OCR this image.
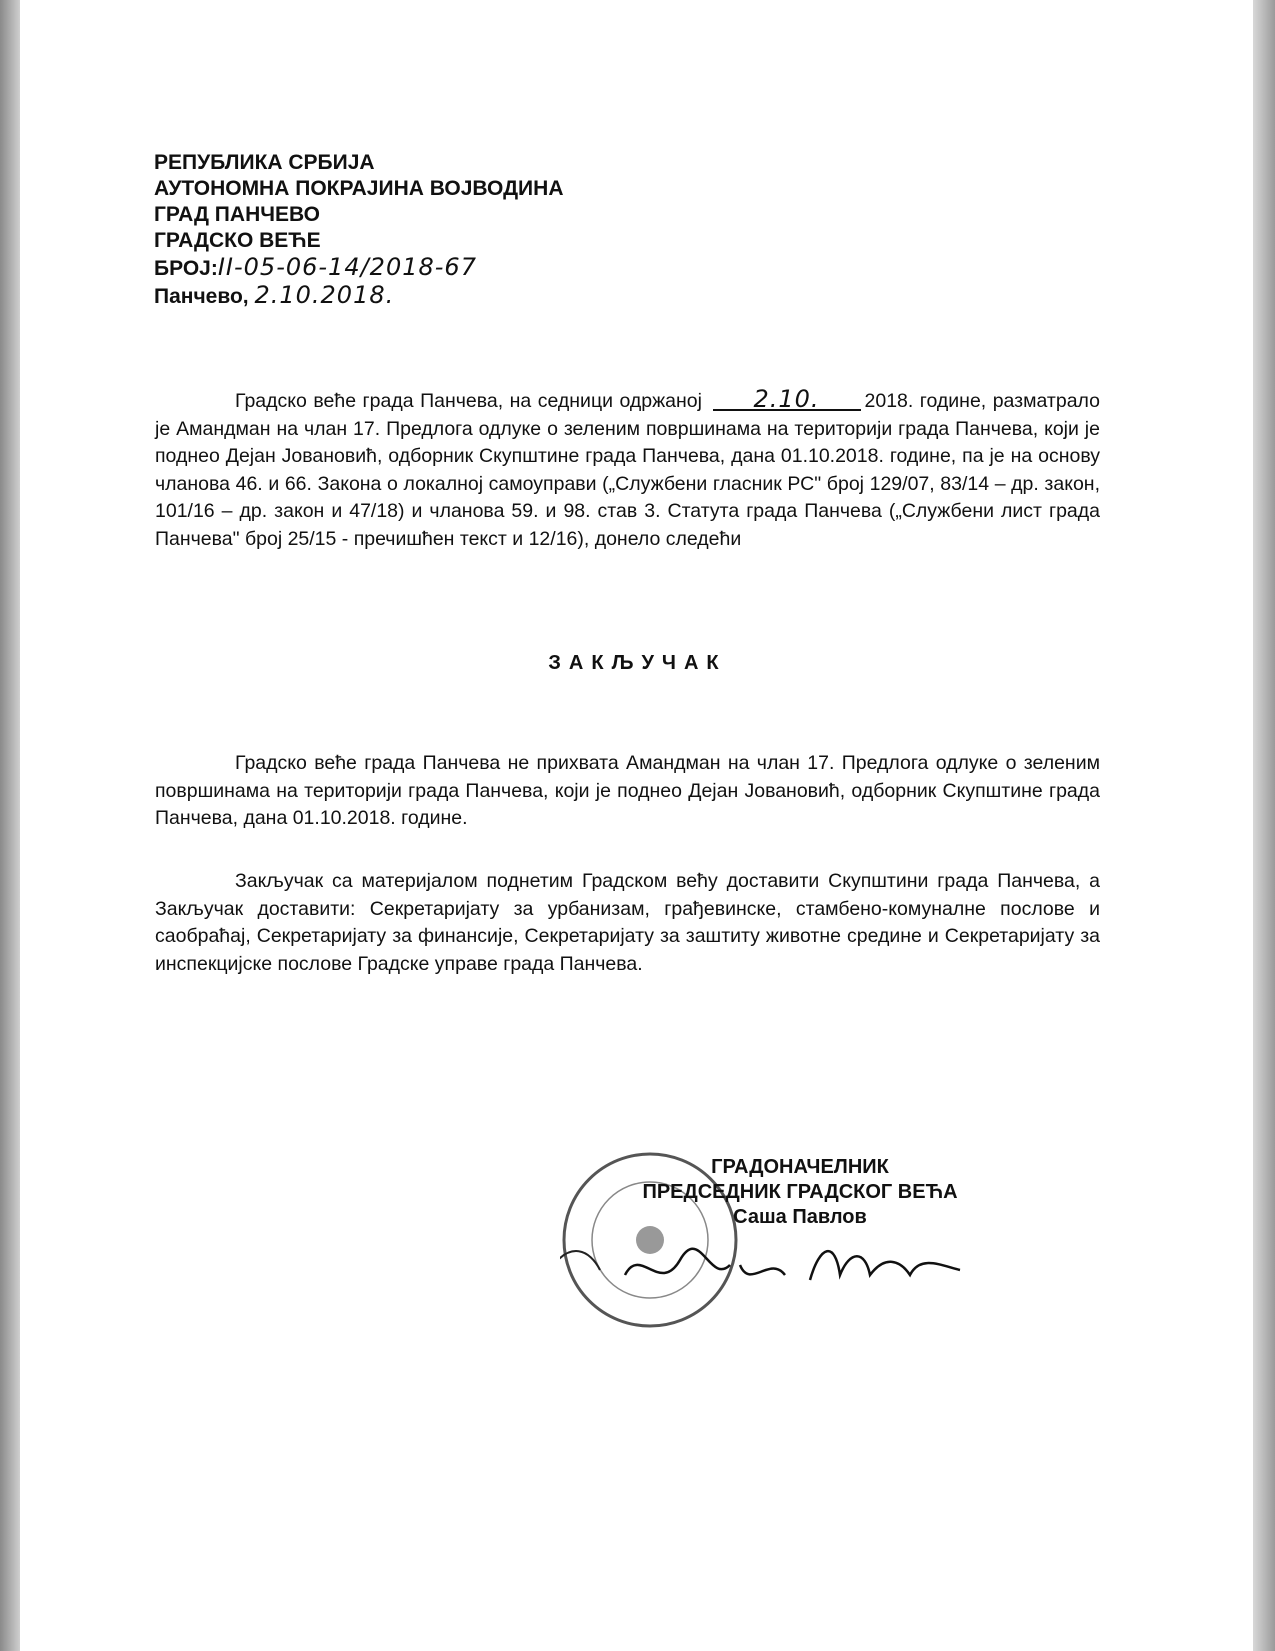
РЕПУБЛИКА СРБИЈА
АУТОНОМНА ПОКРАЈИНА ВОЈВОДИНА
ГРАД ПАНЧЕВО
ГРАДСКО ВЕЋЕ
БРОЈ:II-05-06-14/2018-67
Панчево, 2.10.2018.
Градско веће града Панчева, на седници одржаној 2.10. 2018. године, разматрало је Амандман на члан 17. Предлога одлуке о зеленим површинама на територији града Панчева, који је поднео Дејан Јовановић, одборник Скупштине града Панчева, дана 01.10.2018. године, па је на основу чланова 46. и 66. Закона о локалној самоуправи („Службени гласник РС" број 129/07, 83/14 – др. закон, 101/16 – др. закон и 47/18) и чланова 59. и 98. став 3. Статута града Панчева („Службени лист града Панчева" број 25/15 - пречишћен текст и 12/16), донело следећи
ЗАКЉУЧАК
Градско веће града Панчева не прихвата Амандман на члан 17. Предлога одлуке о зеленим површинама на територији града Панчева, који је поднео Дејан Јовановић, одборник Скупштине града Панчева, дана 01.10.2018. године.
Закључак са материјалом поднетим Градском већу доставити Скупштини града Панчева, а Закључак доставити: Секретаријату за урбанизам, грађевинске, стамбено-комуналне послове и саобраћај, Секретаријату за финансије, Секретаријату за заштиту животне средине и Секретаријату за инспекцијске послове Градске управе града Панчева.
ГРАДОНАЧЕЛНИК
ПРЕДСЕДНИК ГРАДСКОГ ВЕЋА
Саша Павлов
